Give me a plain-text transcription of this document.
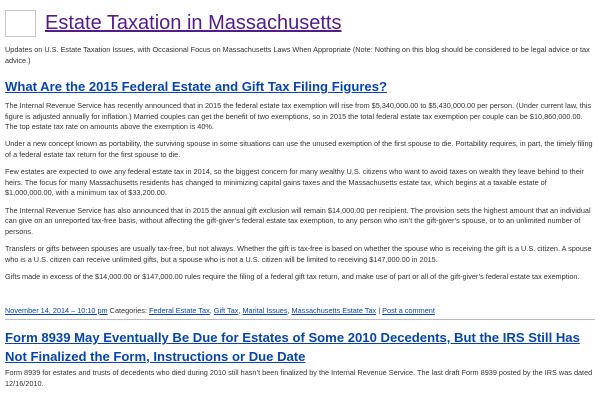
Estate Taxation in Massachusetts
Updates on U.S. Estate Taxation Issues, with Occasional Focus on Massachusetts Laws When Appropriate (Note: Nothing on this blog should be considered to be legal advice or tax advice.)
What Are the 2015 Federal Estate and Gift Tax Filing Figures?

The Internal Revenue Service has recently announced that in 2015 the federal estate tax exemption will rise from $5,340,000.00 to $5,430,000.00 per person. (Under current law, this figure is adjusted annually for inflation.) Married couples can get the benefit of two exemptions, so in 2015 the total federal estate tax exemption per couple can be $10,860,000.00. The top estate tax rate on amounts above the exemption is 40%.

Under a new concept known as portability, the surviving spouse in some situations can use the unused exemption of the first spouse to die. Portability requires, in part, the timely filing of a federal estate tax return for the first spouse to die.

Few estates are expected to owe any federal estate tax in 2014, so the biggest concern for many wealthy U.S. citizens who want to avoid taxes on wealth they leave behind to their heirs. The focus for many Massachusetts residents has changed to minimizing capital gains taxes and the Massachusetts estate tax, which begins at a taxable estate of $1,000,000.00, with a minimum tax of $33,200.00.

The Internal Revenue Service has also announced that in 2015 the annual gift exclusion will remain $14,000.00 per recipient. The provision sets the highest amount that an individual can give on an unreported tax-free basis, without affecting the gift-giver’s federal estate tax exemption, to any person who isn’t the gift-giver’s spouse, or to an unlimited number of persons.

Transfers or gifts between spouses are usually tax-free, but not always. Whether the gift is tax-free is based on whether the spouse who is receiving the gift is a U.S. citizen. A spouse who is a U.S. citizen can receive unlimited gifts, but a spouse who is not a U.S. citizen will be limited to receiving $147,000.00 in 2015.

Gifts made in excess of the $14,000.00 or $147,000.00 rules require the filing of a federal gift tax return, and make use of part or all of the gift-giver’s federal estate tax exemption.

November 14, 2014 – 10:10 pm Categories: Federal Estate Tax, Gift Tax, Marital Issues, Massachusetts Estate Tax | Post a comment
Form 8939 May Eventually Be Due for Estates of Some 2010 Decedents, But the IRS Still Has Not Finalized the Form, Instructions or Due Date

Form 8939 for estates and trusts of decedents who died during 2010 still hasn’t been finalized by the Internal Revenue Service. The last draft Form 8939 posted by the IRS was dated 12/16/2010.
